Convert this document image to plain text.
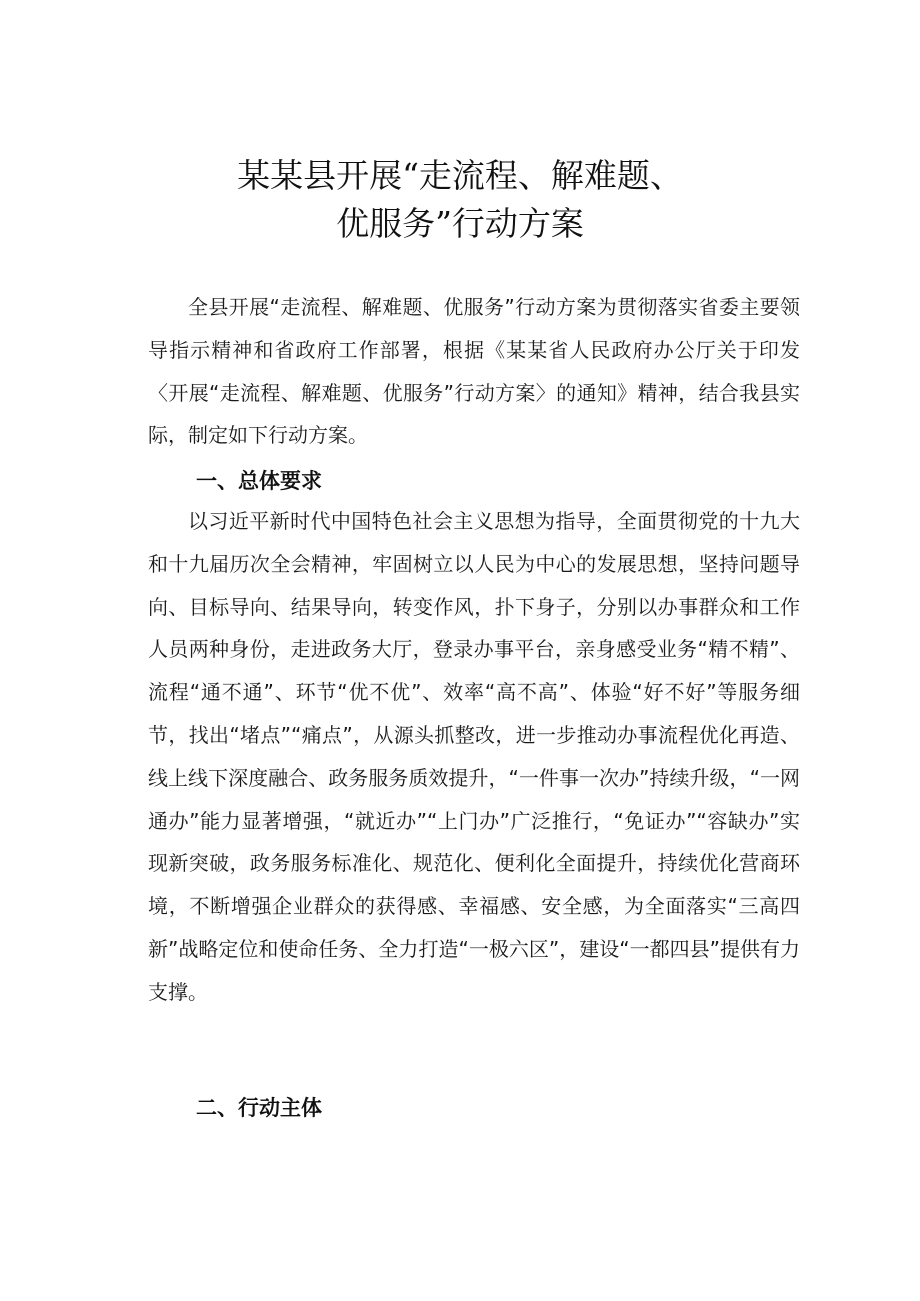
某某县开展“走流程、解难题、
优服务”行动方案

全县开展“走流程、解难题、优服务”行动方案为贯彻落实省委主要领导指示精神和省政府工作部署，根据《某某省人民政府办公厅关于印发〈开展“走流程、解难题、优服务”行动方案〉的通知》精神，结合我县实际，制定如下行动方案。

一、总体要求

以习近平新时代中国特色社会主义思想为指导，全面贯彻党的十九大和十九届历次全会精神，牢固树立以人民为中心的发展思想，坚持问题导向、目标导向、结果导向，转变作风，扑下身子，分别以办事群众和工作人员两种身份，走进政务大厅，登录办事平台，亲身感受业务“精不精”、流程“通不通”、环节“优不优”、效率“高不高”、体验“好不好”等服务细节，找出“堵点”“痛点”，从源头抓整改，进一步推动办事流程优化再造、线上线下深度融合、政务服务质效提升，“一件事一次办”持续升级，“一网通办”能力显著增强，“就近办”“上门办”广泛推行，“免证办”“容缺办”实现新突破，政务服务标准化、规范化、便利化全面提升，持续优化营商环境，不断增强企业群众的获得感、幸福感、安全感，为全面落实“三高四新”战略定位和使命任务、全力打造“一极六区”，建设“一都四县”提供有力支撑。

二、行动主体
